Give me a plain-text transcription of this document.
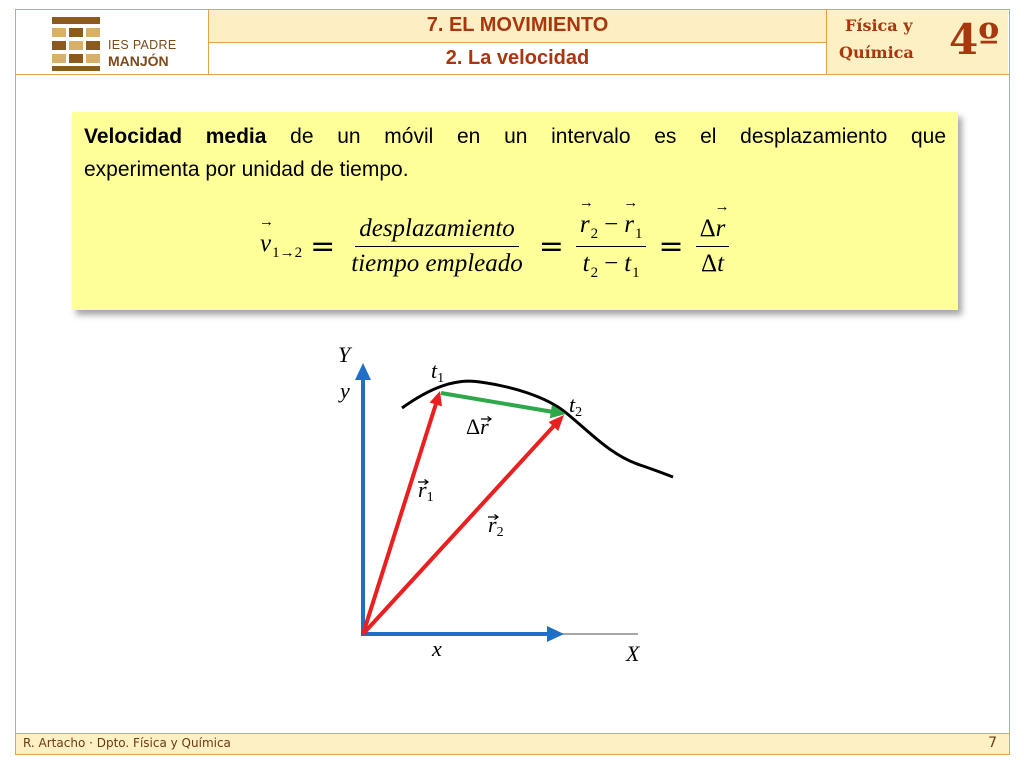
IES PADRE
MANJÓN
7. EL MOVIMIENTO
2. La velocidad
Física y
Química 4º
Velocidad media de un móvil en un intervalo es el desplazamiento que
experimenta por unidad de tiempo.
$v \to_{1\to 2} = \frac{\text{desplazamiento}}{\text{tiempo empleado}} = \frac{r \to_2 - r \to_1}{t_2 - t_1} = \frac{\Delta r \to}{\Delta t}$
Y
y
t1
t2
Δr
r1
r2
x	X
R. Artacho · Dpto. Física y Química	7
